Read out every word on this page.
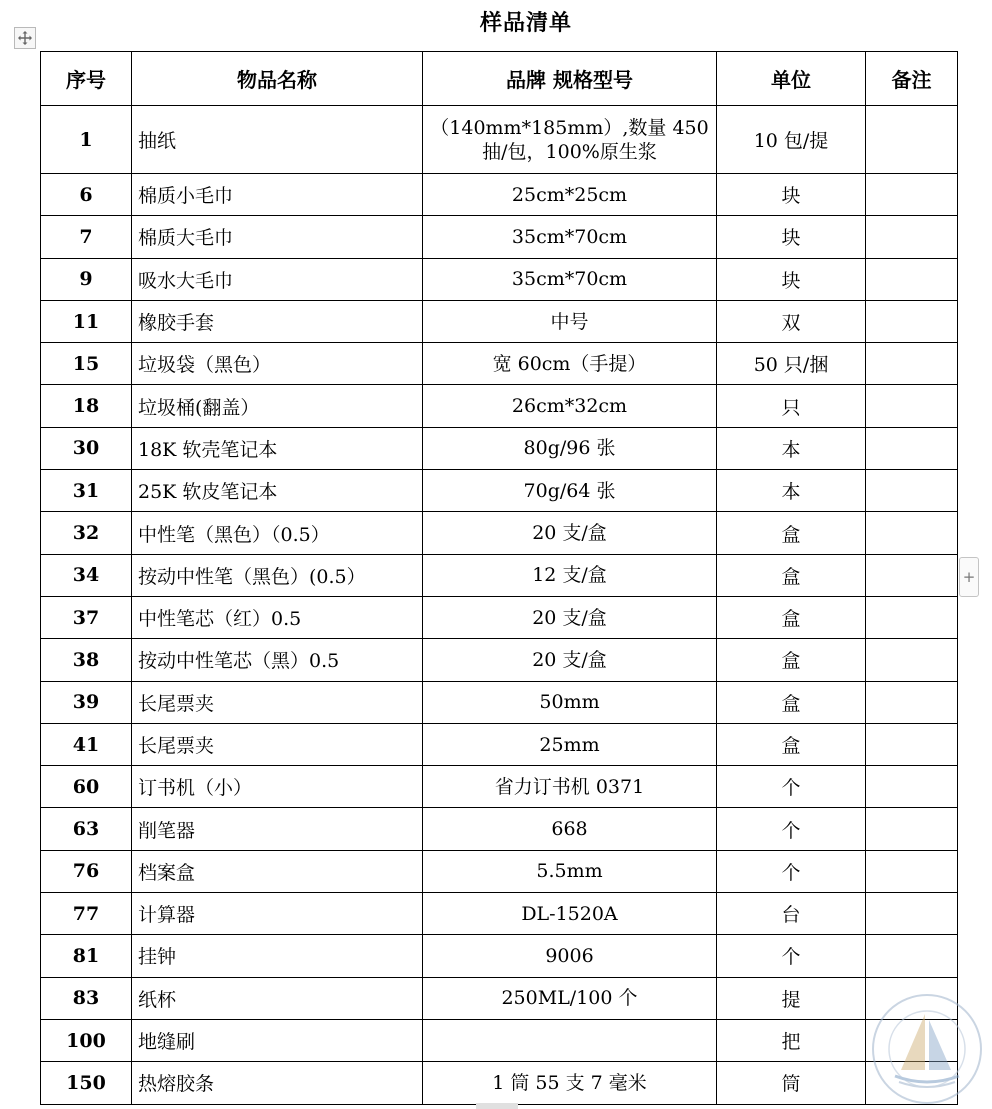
样品清单
+
序号	物品名称	品牌 规格型号	单位	备注
1	抽纸	（140mm*185mm）,数量 450 抽/包，100%原生浆	10 包/提	
6	棉质小毛巾	25cm*25cm	块	
7	棉质大毛巾	35cm*70cm	块	
9	吸水大毛巾	35cm*70cm	块	
11	橡胶手套	中号	双	
15	垃圾袋（黑色）	宽 60cm（手提）	50 只/捆	
18	垃圾桶(翻盖）	26cm*32cm	只	
30	18K 软壳笔记本	80g/96 张	本	
31	25K 软皮笔记本	70g/64 张	本	
32	中性笔（黑色）（0.5）	20 支/盒	盒	
34	按动中性笔（黑色）(0.5）	12 支/盒	盒	
37	中性笔芯（红）0.5	20 支/盒	盒	
38	按动中性笔芯（黑）0.5	20 支/盒	盒	
39	长尾票夹	50mm	盒	
41	长尾票夹	25mm	盒	
60	订书机（小）	省力订书机 0371	个	
63	削笔器	668	个	
76	档案盒	5.5mm	个	
77	计算器	DL-1520A	台	
81	挂钟	9006	个	
83	纸杯	250ML/100 个	提	
100	地缝刷		把	
150	热熔胶条	1 筒 55 支 7 毫米	筒	
